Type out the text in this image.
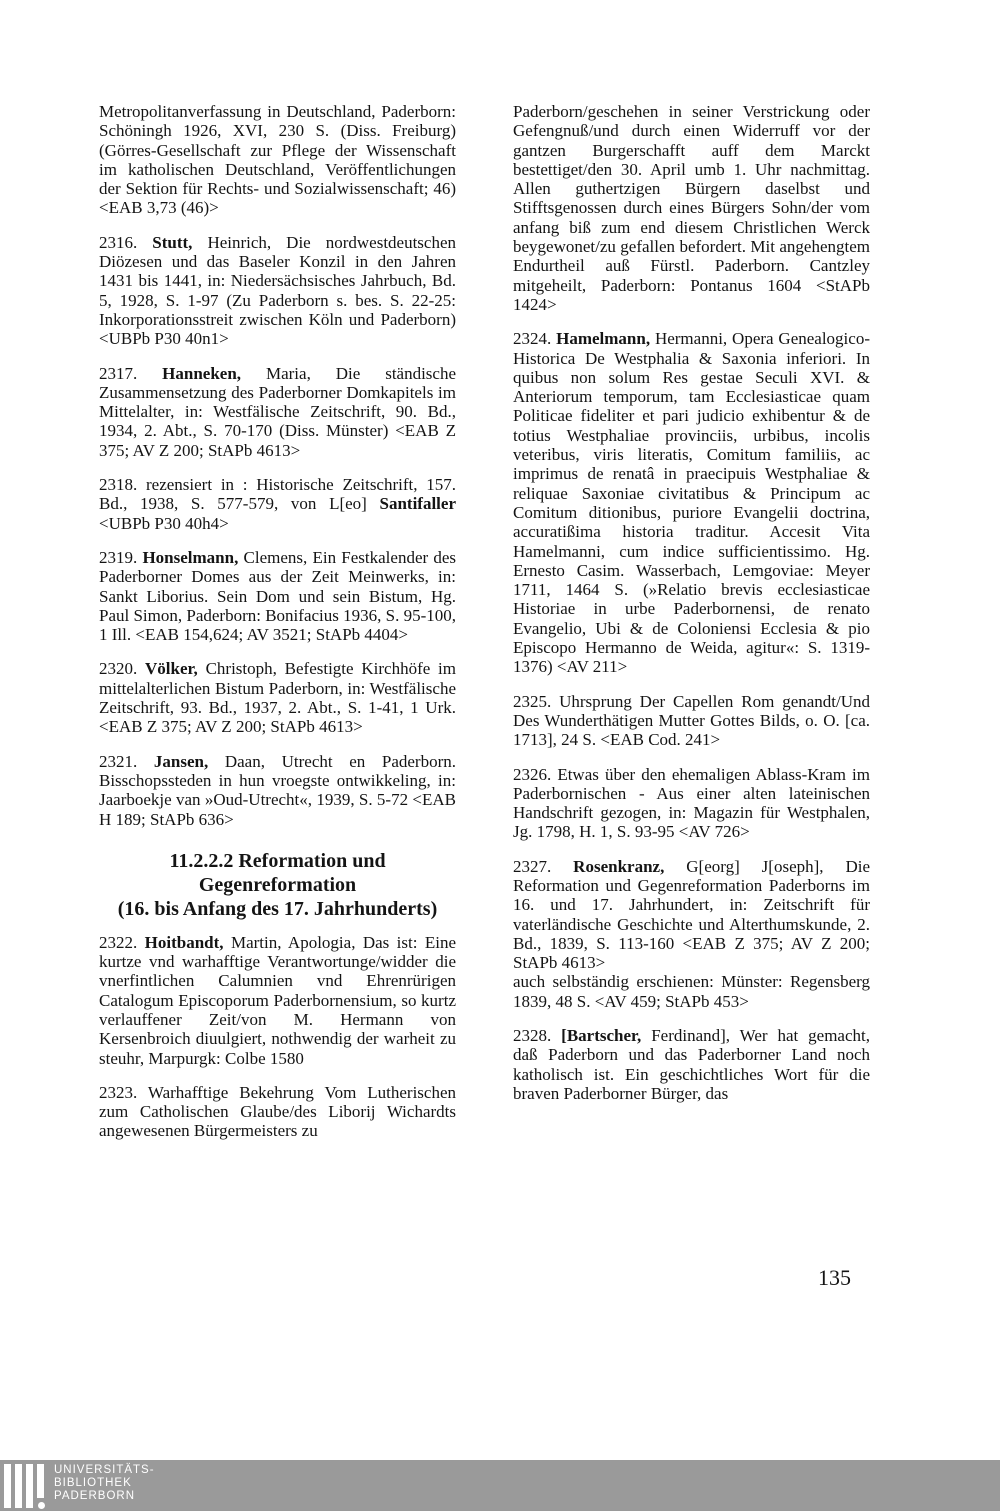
Metropolitanverfassung in Deutschland, Paderborn: Schöningh 1926, XVI, 230 S. (Diss. Freiburg) (Görres-Gesellschaft zur Pflege der Wissenschaft im katholischen Deutschland, Veröffentlichungen der Sektion für Rechts- und Sozialwissenschaft; 46) <EAB 3,73 (46)>

2316. Stutt, Heinrich, Die nordwestdeutschen Diözesen und das Baseler Konzil in den Jahren 1431 bis 1441, in: Niedersächsisches Jahrbuch, Bd. 5, 1928, S. 1-97 (Zu Paderborn s. bes. S. 22-25: Inkorporationsstreit zwischen Köln und Paderborn) <UBPb P30 40n1>

2317. Hanneken, Maria, Die ständische Zusammensetzung des Paderborner Domkapitels im Mittelalter, in: Westfälische Zeitschrift, 90. Bd., 1934, 2. Abt., S. 70-170 (Diss. Münster) <EAB Z 375; AV Z 200; StAPb 4613>

2318. rezensiert in : Historische Zeitschrift, 157. Bd., 1938, S. 577-579, von L[eo] Santifaller <UBPb P30 40h4>

2319. Honselmann, Clemens, Ein Festkalender des Paderborner Domes aus der Zeit Meinwerks, in: Sankt Liborius. Sein Dom und sein Bistum, Hg. Paul Simon, Paderborn: Bonifacius 1936, S. 95-100, 1 Ill. <EAB 154,624; AV 3521; StAPb 4404>

2320. Völker, Christoph, Befestigte Kirchhöfe im mittelalterlichen Bistum Paderborn, in: Westfälische Zeitschrift, 93. Bd., 1937, 2. Abt., S. 1-41, 1 Urk. <EAB Z 375; AV Z 200; StAPb 4613>

2321. Jansen, Daan, Utrecht en Paderborn. Bisschopssteden in hun vroegste ontwikkeling, in: Jaarboekje van »Oud-Utrecht«, 1939, S. 5-72 <EAB H 189; StAPb 636>

11.2.2.2 Reformation und
Gegenreformation
(16. bis Anfang des 17. Jahrhunderts)

2322. Hoitbandt, Martin, Apologia, Das ist: Eine kurtze vnd warhafftige Verantwortunge/widder die vnerfintlichen Calumnien vnd Ehrenrürigen Catalogum Episcoporum Paderbornensium, so kurtz verlauffener Zeit/von M. Hermann von Kersenbroich diuulgiert, nothwendig der warheit zu steuhr, Marpurgk: Colbe 1580

2323. Warhafftige Bekehrung Vom Lutherischen zum Catholischen Glaube/des Liborij Wichardts angewesenen Bürgermeisters zu

Paderborn/geschehen in seiner Verstrickung oder Gefengnuß/und durch einen Widerruff vor der gantzen Burgerschafft auff dem Marckt bestettiget/den 30. April umb 1. Uhr nachmittag. Allen guthertzigen Bürgern daselbst und Stifftsgenossen durch eines Bürgers Sohn/der vom anfang biß zum end diesem Christlichen Werck beygewonet/zu gefallen befordert. Mit angehengtem Endurtheil auß Fürstl. Paderborn. Cantzley mitgeheilt, Paderborn: Pontanus 1604 <StAPb 1424>

2324. Hamelmann, Hermanni, Opera Genealogico-Historica De Westphalia & Saxonia inferiori. In quibus non solum Res gestae Seculi XVI. & Anteriorum temporum, tam Ecclesiasticae quam Politicae fideliter et pari judicio exhibentur & de totius Westphaliae provinciis, urbibus, incolis veteribus, viris literatis, Comitum familiis, ac imprimus de renatâ in praecipuis Westphaliae & reliquae Saxoniae civitatibus & Principum ac Comitum ditionibus, puriore Evangelii doctrina, accuratißima historia traditur. Accesit Vita Hamelmanni, cum indice sufficientissimo. Hg. Ernesto Casim. Wasserbach, Lemgoviae: Meyer 1711, 1464 S. (»Relatio brevis ecclesiasticae Historiae in urbe Paderbornensi, de renato Evangelio, Ubi & de Coloniensi Ecclesia & pio Episcopo Hermanno de Weida, agitur«: S. 1319-1376) <AV 211>

2325. Uhrsprung Der Capellen Rom genandt/Und Des Wunderthätigen Mutter Gottes Bilds, o. O. [ca. 1713], 24 S. <EAB Cod. 241>

2326. Etwas über den ehemaligen Ablass-Kram im Paderbornischen - Aus einer alten lateinischen Handschrift gezogen, in: Magazin für Westphalen, Jg. 1798, H. 1, S. 93-95 <AV 726>

2327. Rosenkranz, G[eorg] J[oseph], Die Reformation und Gegenreformation Paderborns im 16. und 17. Jahrhundert, in: Zeitschrift für vaterländische Geschichte und Alterthumskunde, 2. Bd., 1839, S. 113-160 <EAB Z 375; AV Z 200; StAPb 4613>
auch selbständig erschienen: Münster: Regensberg 1839, 48 S. <AV 459; StAPb 453>

2328. [Bartscher, Ferdinand], Wer hat gemacht, daß Paderborn und das Paderborner Land noch katholisch ist. Ein geschichtliches Wort für die braven Paderborner Bürger, das

135
UNIVERSITÄTS-
BIBLIOTHEK
PADERBORN
